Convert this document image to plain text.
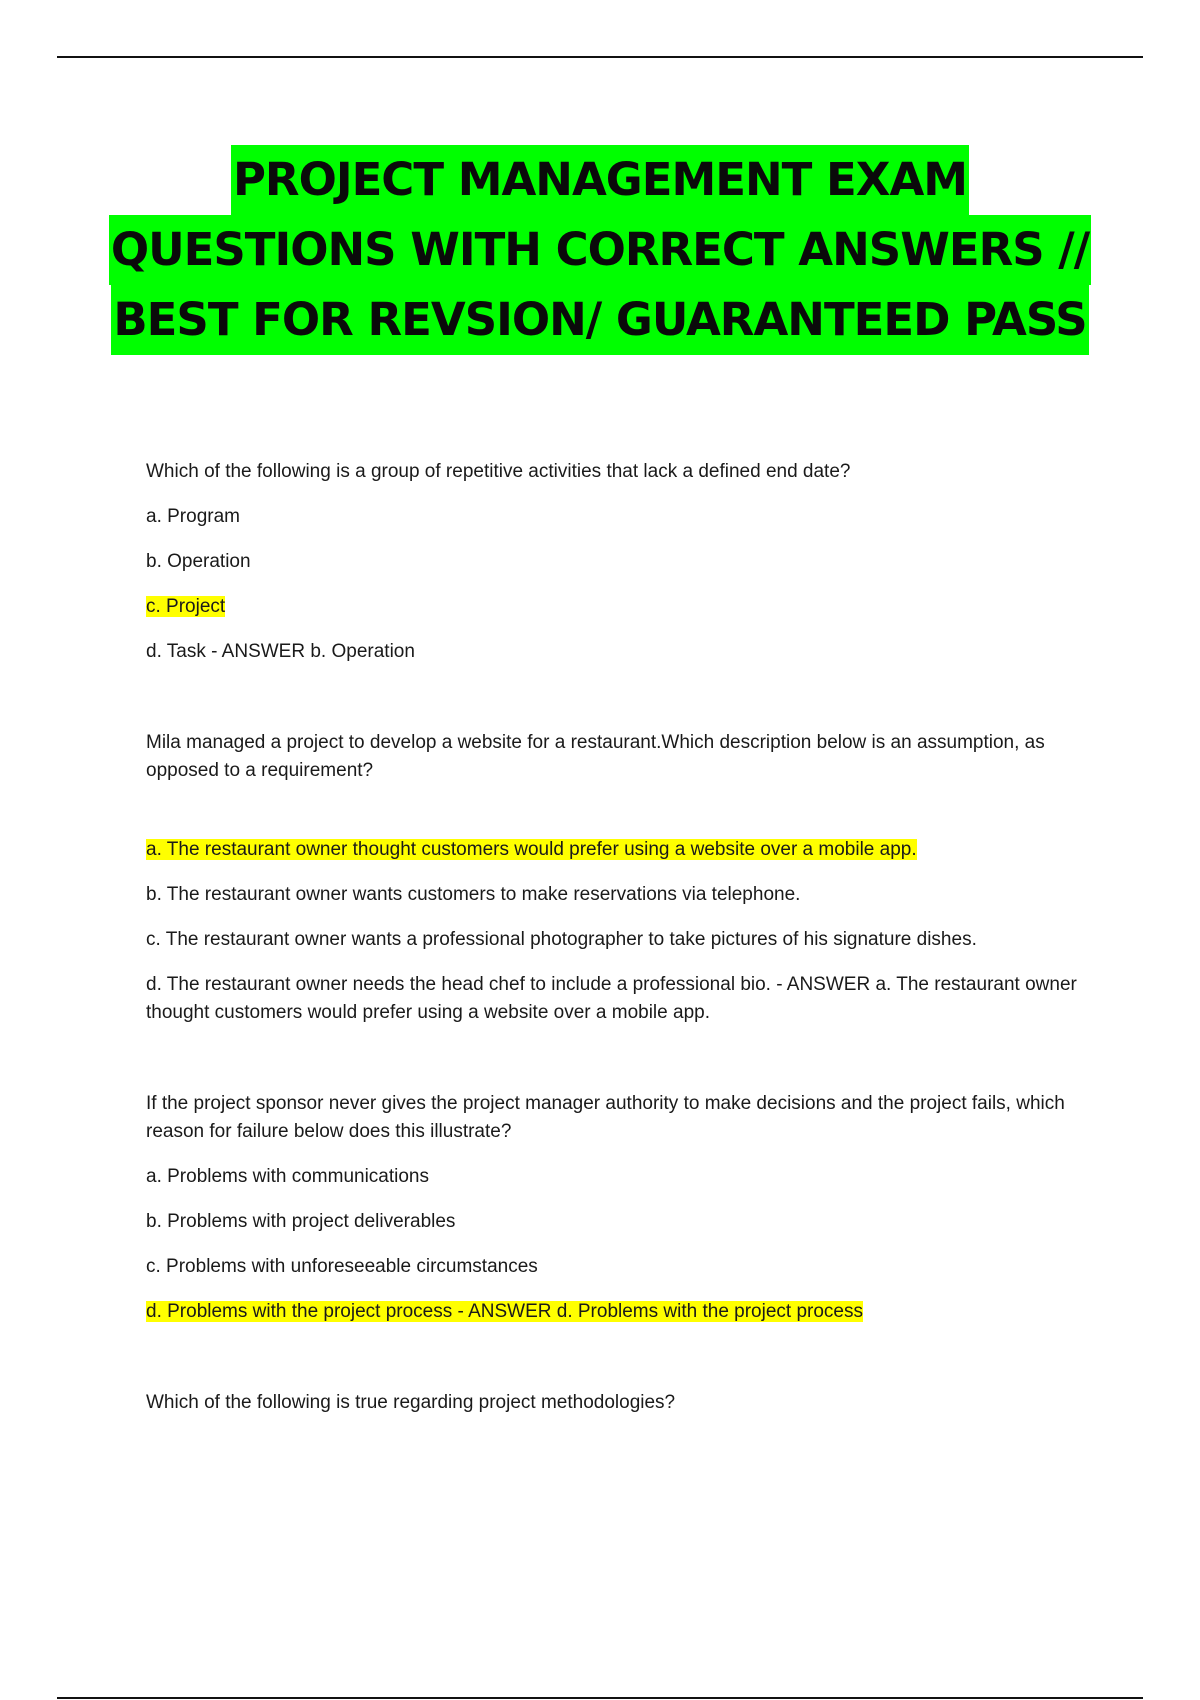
PROJECT MANAGEMENT EXAM
QUESTIONS WITH CORRECT ANSWERS //
BEST FOR REVSION/ GUARANTEED PASS

Which of the following is a group of repetitive activities that lack a defined end date?

a. Program

b. Operation

c. Project

d. Task - ANSWER b. Operation

Mila managed a project to develop a website for a restaurant.Which description below is an assumption, as opposed to a requirement?

a. The restaurant owner thought customers would prefer using a website over a mobile app.

b. The restaurant owner wants customers to make reservations via telephone.

c. The restaurant owner wants a professional photographer to take pictures of his signature dishes.

d. The restaurant owner needs the head chef to include a professional bio. - ANSWER a. The restaurant owner thought customers would prefer using a website over a mobile app.

If the project sponsor never gives the project manager authority to make decisions and the project fails, which reason for failure below does this illustrate?

a. Problems with communications

b. Problems with project deliverables

c. Problems with unforeseeable circumstances

d. Problems with the project process - ANSWER d. Problems with the project process

Which of the following is true regarding project methodologies?
